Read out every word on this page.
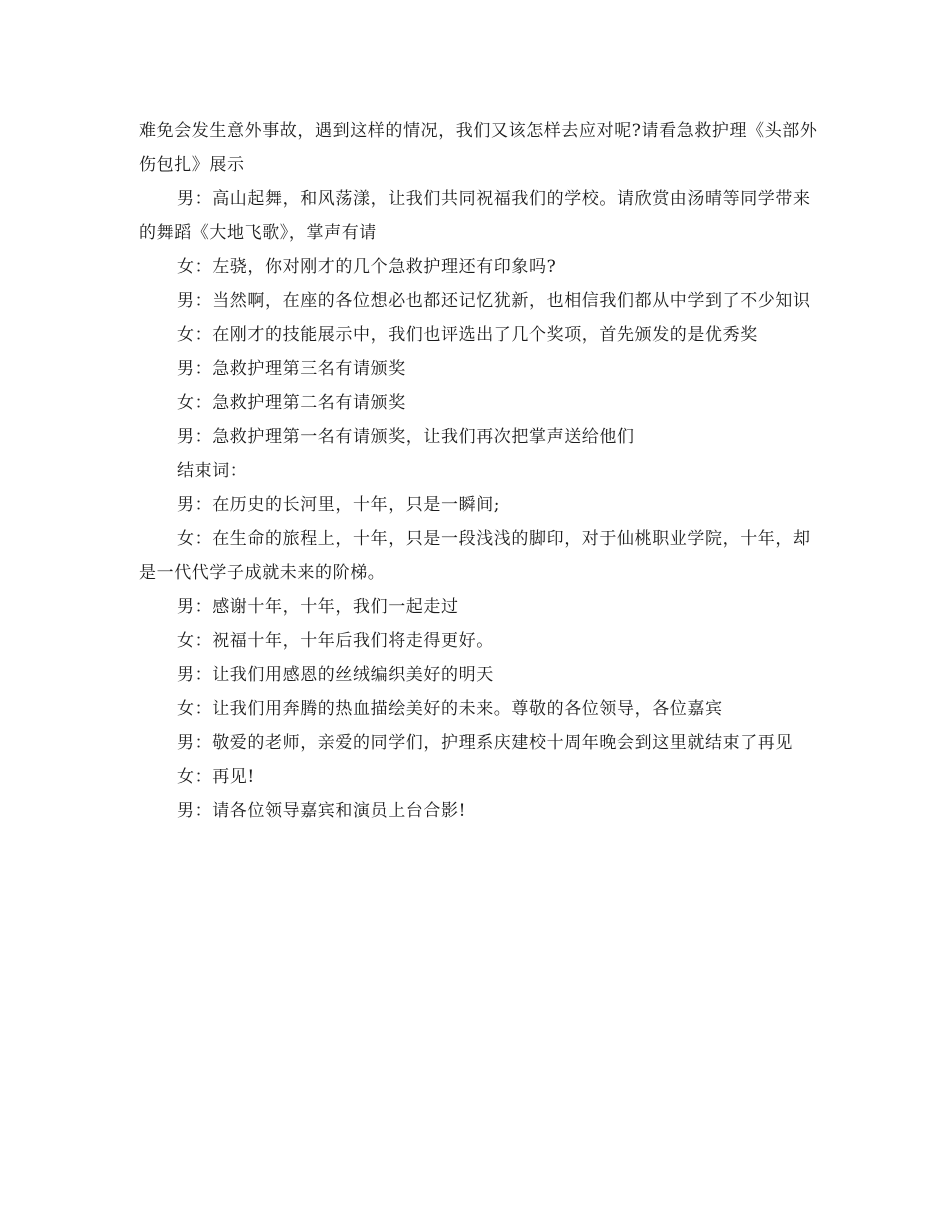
难免会发生意外事故，遇到这样的情况，我们又该怎样去应对呢?请看急救护理《头部外伤包扎》展示

男：高山起舞，和风荡漾，让我们共同祝福我们的学校。请欣赏由汤晴等同学带来的舞蹈《大地飞歌》，掌声有请

女：左骁，你对刚才的几个急救护理还有印象吗?

男：当然啊，在座的各位想必也都还记忆犹新，也相信我们都从中学到了不少知识

女：在刚才的技能展示中，我们也评选出了几个奖项，首先颁发的是优秀奖

男：急救护理第三名有请颁奖

女：急救护理第二名有请颁奖

男：急救护理第一名有请颁奖，让我们再次把掌声送给他们

结束词：

男：在历史的长河里，十年，只是一瞬间;

女：在生命的旅程上，十年，只是一段浅浅的脚印，对于仙桃职业学院，十年，却是一代代学子成就未来的阶梯。

男：感谢十年，十年，我们一起走过

女：祝福十年，十年后我们将走得更好。

男：让我们用感恩的丝绒编织美好的明天

女：让我们用奔腾的热血描绘美好的未来。尊敬的各位领导，各位嘉宾

男：敬爱的老师，亲爱的同学们，护理系庆建校十周年晚会到这里就结束了再见

女：再见!

男：请各位领导嘉宾和演员上台合影!
